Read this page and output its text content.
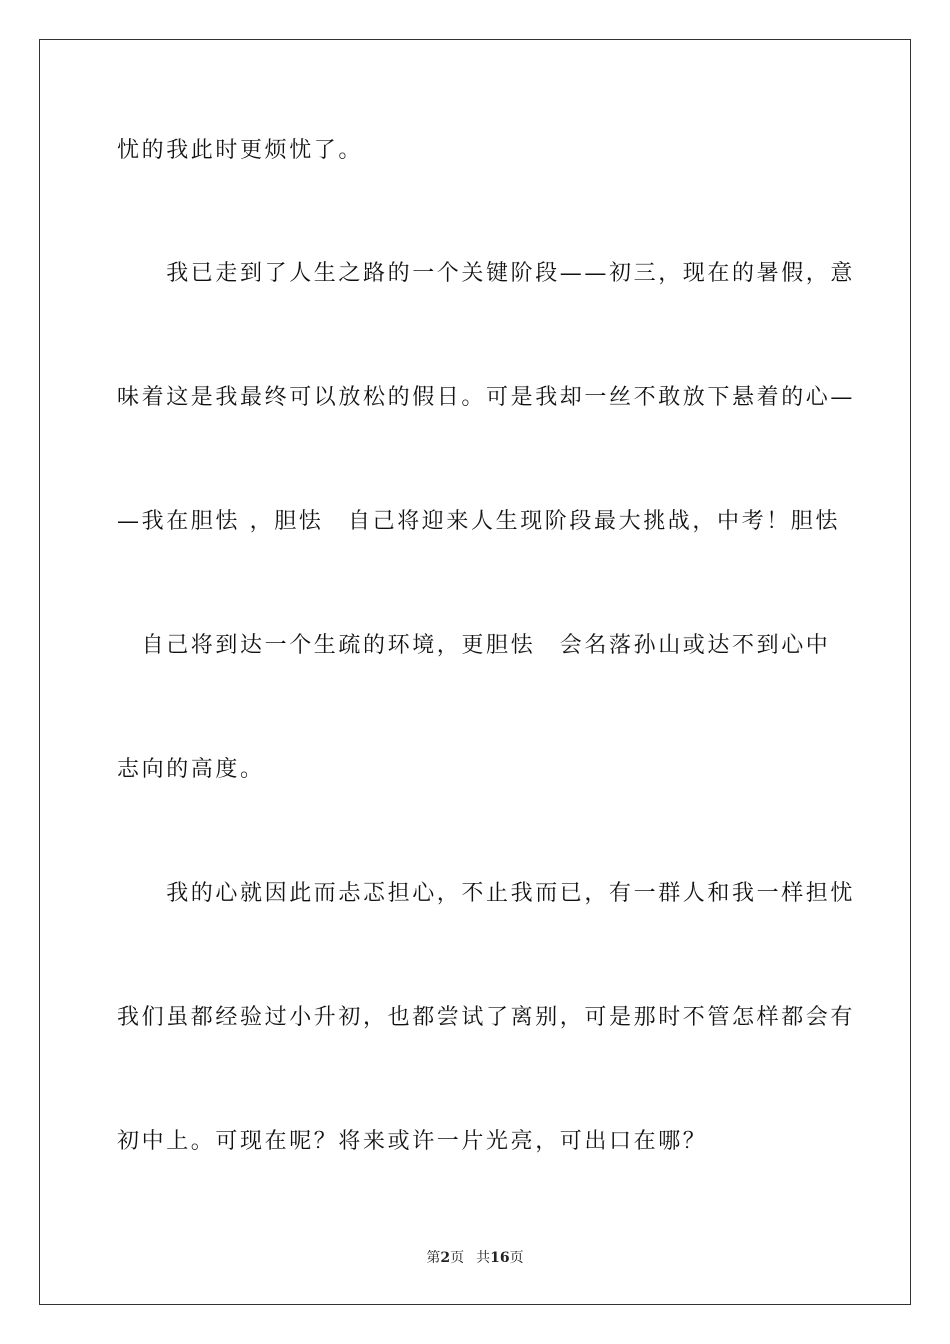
忧的我此时更烦忧了。
　　我已走到了人生之路的一个关键阶段——初三，现在的暑假，意
味着这是我最终可以放松的假日。可是我却一丝不敢放下悬着的心—
—我在胆怯 ，胆怯　自己将迎来人生现阶段最大挑战，中考！胆怯
　自己将到达一个生疏的环境，更胆怯　会名落孙山或达不到心中
志向的高度。
　　我的心就因此而忐忑担心，不止我而已，有一群人和我一样担忧
我们虽都经验过小升初，也都尝试了离别，可是那时不管怎样都会有
初中上。可现在呢？将来或许一片光亮，可出口在哪？
第2页 共16页
